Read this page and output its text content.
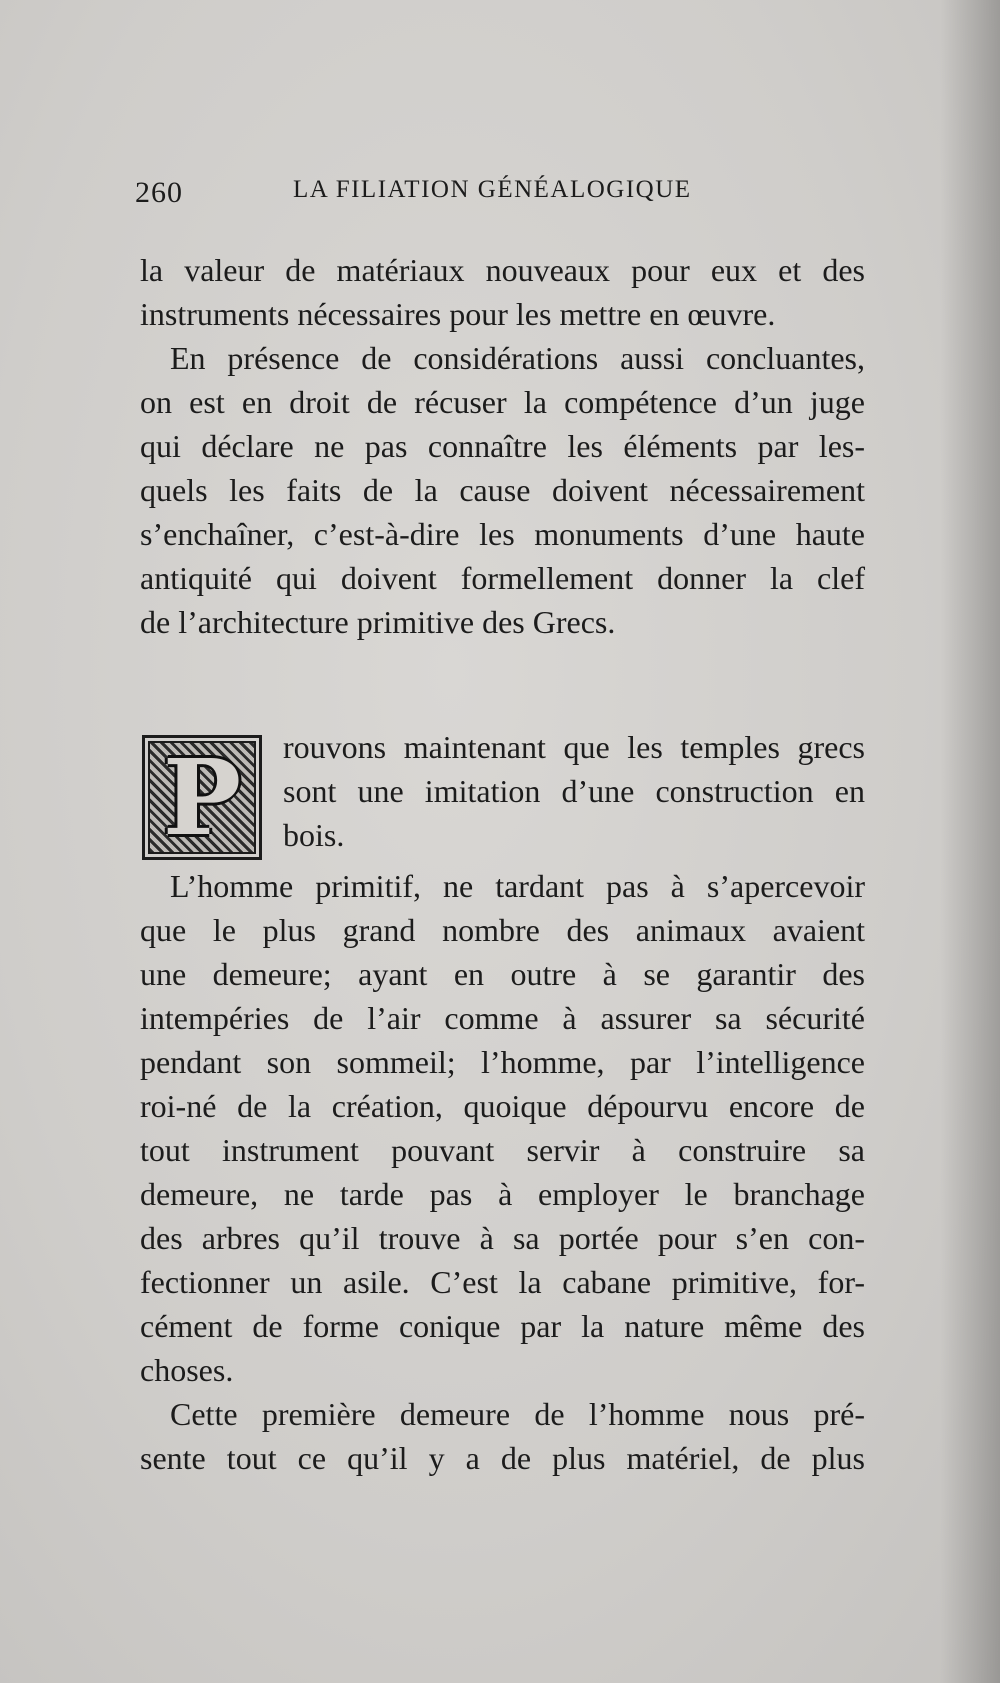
260	LA FILIATION GÉNÉALOGIQUE
la valeur de matériaux nouveaux pour eux et des
instruments nécessaires pour les mettre en œuvre.
En présence de considérations aussi concluantes,
on est en droit de récuser la compétence d’un juge
qui déclare ne pas connaître les éléments par les-
quels les faits de la cause doivent nécessairement
s’enchaîner, c’est-à-dire les monuments d’une haute
antiquité qui doivent formellement donner la clef
de l’architecture primitive des Grecs.
P	rouvons maintenant que les temples grecs
sont une imitation d’une construction en
bois.
L’homme primitif, ne tardant pas à s’apercevoir
que le plus grand nombre des animaux avaient
une demeure; ayant en outre à se garantir des
intempéries de l’air comme à assurer sa sécurité
pendant son sommeil; l’homme, par l’intelligence
roi-né de la création, quoique dépourvu encore de
tout instrument pouvant servir à construire sa
demeure, ne tarde pas à employer le branchage
des arbres qu’il trouve à sa portée pour s’en con-
fectionner un asile. C’est la cabane primitive, for-
cément de forme conique par la nature même des
choses.
Cette première demeure de l’homme nous pré-
sente tout ce qu’il y a de plus matériel, de plus
